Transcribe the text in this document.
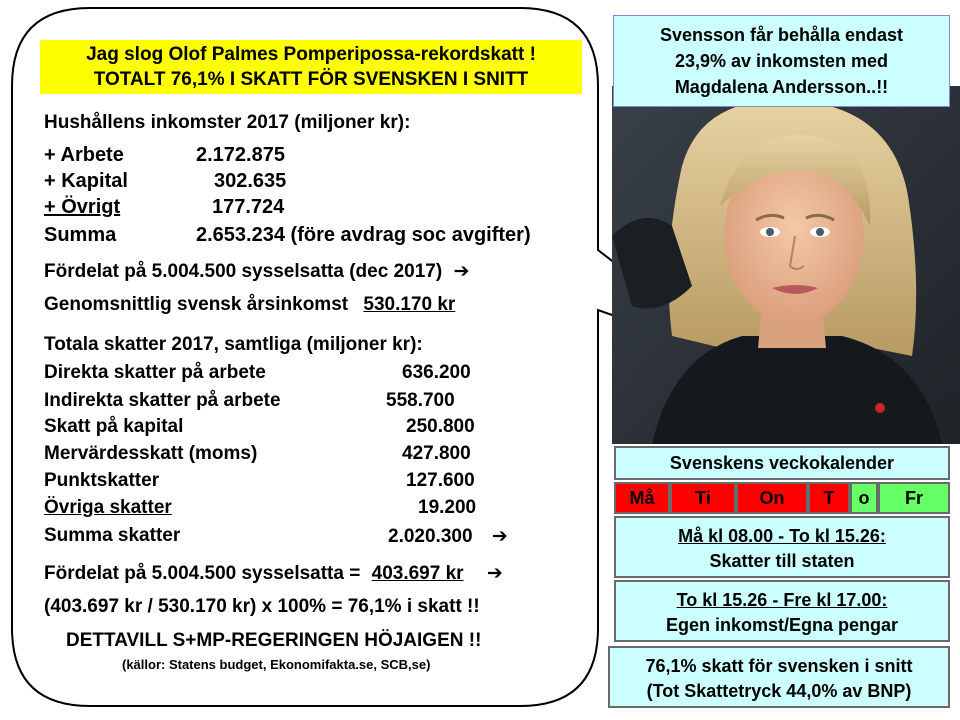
Jag slog Olof Palmes Pomperipossa-rekordskatt !
TOTALT 76,1% I SKATT FÖR SVENSKEN I SNITT
Hushållens inkomster 2017 (miljoner kr):
+ Arbete	2.172.875
+ Kapital	302.635
+ Övrigt	177.724
Summa	2.653.234 (före avdrag soc avgifter)
Fördelat på 5.004.500 sysselsatta (dec 2017) ➔
Genomsnittlig svensk årsinkomst 530.170 kr
Totala skatter 2017, samtliga (miljoner kr):
Direkta skatter på arbete	636.200
Indirekta skatter på arbete	558.700
Skatt på kapital	250.800
Mervärdesskatt (moms)	427.800
Punktskatter	127.600
Övriga skatter	19.200
Summa skatter	2.020.300 ➔
Fördelat på 5.004.500 sysselsatta = 403.697 kr ➔
(403.697 kr / 530.170 kr) x 100% = 76,1% i skatt !!
DETTAVILL S+MP-REGERINGEN HÖJAIGEN !!
(källor: Statens budget, Ekonomifakta.se, SCB,se)
Svensson får behålla endast
23,9% av inkomsten med
Magdalena Andersson..!!
Svenskens veckokalender
Må	Ti	On	T	o	Fr
Må kl 08.00 - To kl 15.26:
Skatter till staten
To kl 15.26 - Fre kl 17.00:
Egen inkomst/Egna pengar
76,1% skatt för svensken i snitt
(Tot Skattetryck 44,0% av BNP)
